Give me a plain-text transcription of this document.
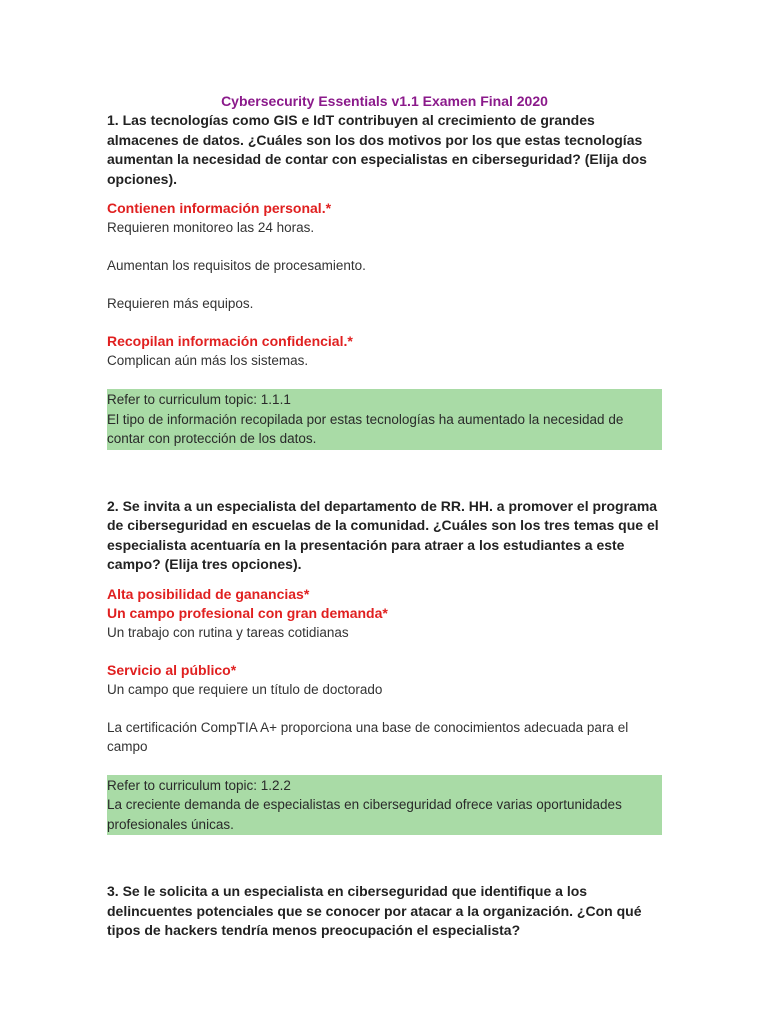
Cybersecurity Essentials v1.1 Examen Final 2020

1. Las tecnologías como GIS e IdT contribuyen al crecimiento de grandes almacenes de datos. ¿Cuáles son los dos motivos por los que estas tecnologías aumentan la necesidad de contar con especialistas en ciberseguridad? (Elija dos opciones).

Contienen información personal.*

Requieren monitoreo las 24 horas.

Aumentan los requisitos de procesamiento.

Requieren más equipos.

Recopilan información confidencial.*

Complican aún más los sistemas.

Refer to curriculum topic: 1.1.1

El tipo de información recopilada por estas tecnologías ha aumentado la necesidad de contar con protección de los datos.

2. Se invita a un especialista del departamento de RR. HH. a promover el programa de ciberseguridad en escuelas de la comunidad. ¿Cuáles son los tres temas que el especialista acentuaría en la presentación para atraer a los estudiantes a este campo? (Elija tres opciones).

Alta posibilidad de ganancias*

Un campo profesional con gran demanda*

Un trabajo con rutina y tareas cotidianas

Servicio al público*

Un campo que requiere un título de doctorado

La certificación CompTIA A+ proporciona una base de conocimientos adecuada para el campo

Refer to curriculum topic: 1.2.2

La creciente demanda de especialistas en ciberseguridad ofrece varias oportunidades profesionales únicas.

3. Se le solicita a un especialista en ciberseguridad que identifique a los delincuentes potenciales que se conocer por atacar a la organización. ¿Con qué tipos de hackers tendría menos preocupación el especialista?
